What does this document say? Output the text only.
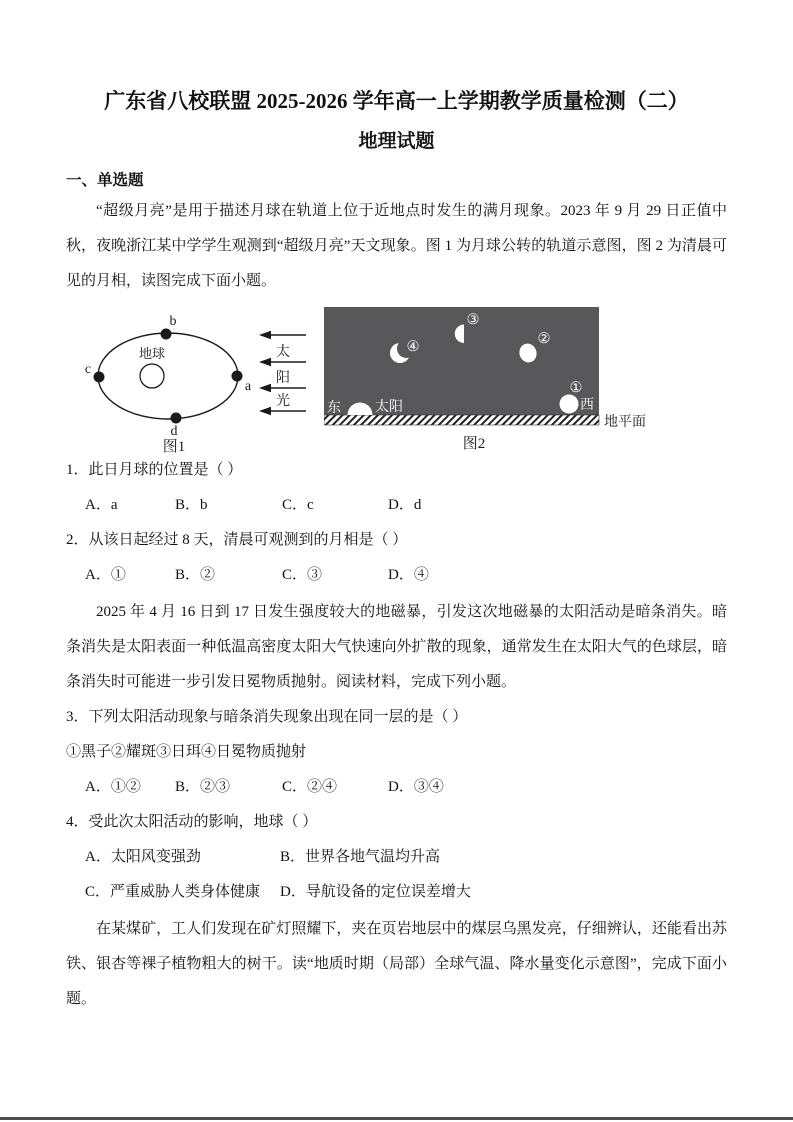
广东省八校联盟 2025-2026 学年高一上学期教学质量检测（二）
地理试题
一、单选题

“超级月亮”是用于描述月球在轨道上位于近地点时发生的满月现象。2023 年 9 月 29 日正值中秋，夜晚浙江某中学学生观测到“超级月亮”天文现象。图 1 为月球公转的轨道示意图，图 2 为清晨可见的月相，读图完成下面小题。

地球
b
c
a
d
太
阳
光
图1
东 太阳
④
③
②
①
西
地平面
图2

1．此日月球的位置是（ ）

A．a	B．b	C．c	D．d

2．从该日起经过 8 天，清晨可观测到的月相是（ ）

A．①	B．②	C．③	D．④

2025 年 4 月 16 日到 17 日发生强度较大的地磁暴，引发这次地磁暴的太阳活动是暗条消失。暗条消失是太阳表面一种低温高密度太阳大气快速向外扩散的现象，通常发生在太阳大气的色球层，暗条消失时可能进一步引发日冕物质抛射。阅读材料，完成下列小题。

3．下列太阳活动现象与暗条消失现象出现在同一层的是（ ）

①黑子②耀斑③日珥④日冕物质抛射

A．①②	B．②③	C．②④	D．③④

4．受此次太阳活动的影响，地球（ ）

A．太阳风变强劲	B．世界各地气温均升高
C．严重威胁人类身体健康	D．导航设备的定位误差增大

在某煤矿，工人们发现在矿灯照耀下，夹在页岩地层中的煤层乌黑发亮，仔细辨认，还能看出苏铁、银杏等裸子植物粗大的树干。读“地质时期（局部）全球气温、降水量变化示意图”，完成下面小题。
